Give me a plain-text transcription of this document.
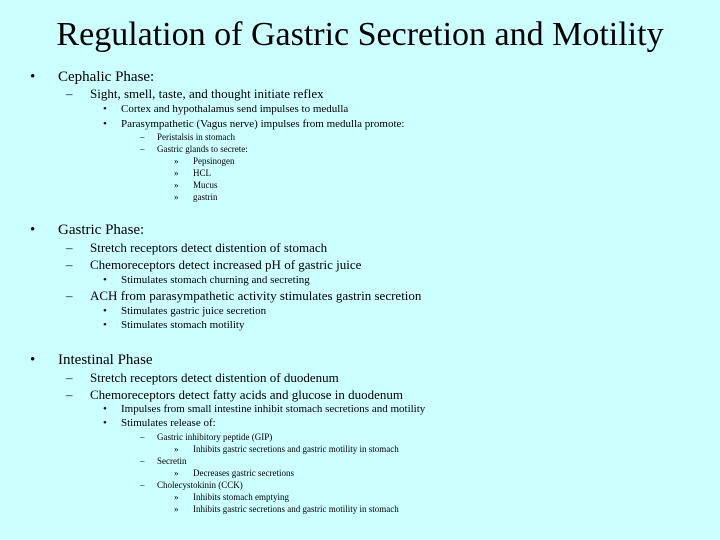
Regulation of Gastric Secretion and Motility
• Cephalic Phase:
– Sight, smell, taste, and thought initiate reflex
• Cortex and hypothalamus send impulses to medulla
• Parasympathetic (Vagus nerve) impulses from medulla promote:
– Peristalsis in stomach
– Gastric glands to secrete:
» Pepsinogen
» HCL
» Mucus
» gastrin
• Gastric Phase:
– Stretch receptors detect distention of stomach
– Chemoreceptors detect increased pH of gastric juice
• Stimulates stomach churning and secreting
– ACH from parasympathetic activity stimulates gastrin secretion
• Stimulates gastric juice secretion
• Stimulates stomach motility
• Intestinal Phase
– Stretch receptors detect distention of duodenum
– Chemoreceptors detect fatty acids and glucose in duodenum
• Impulses from small intestine inhibit stomach secretions and motility
• Stimulates release of:
– Gastric inhibitory peptide (GIP)
» Inhibits gastric secretions and gastric motility in stomach
– Secretin
» Decreases gastric secretions
– Cholecystokinin (CCK)
» Inhibits stomach emptying
» Inhibits gastric secretions and gastric motility in stomach
